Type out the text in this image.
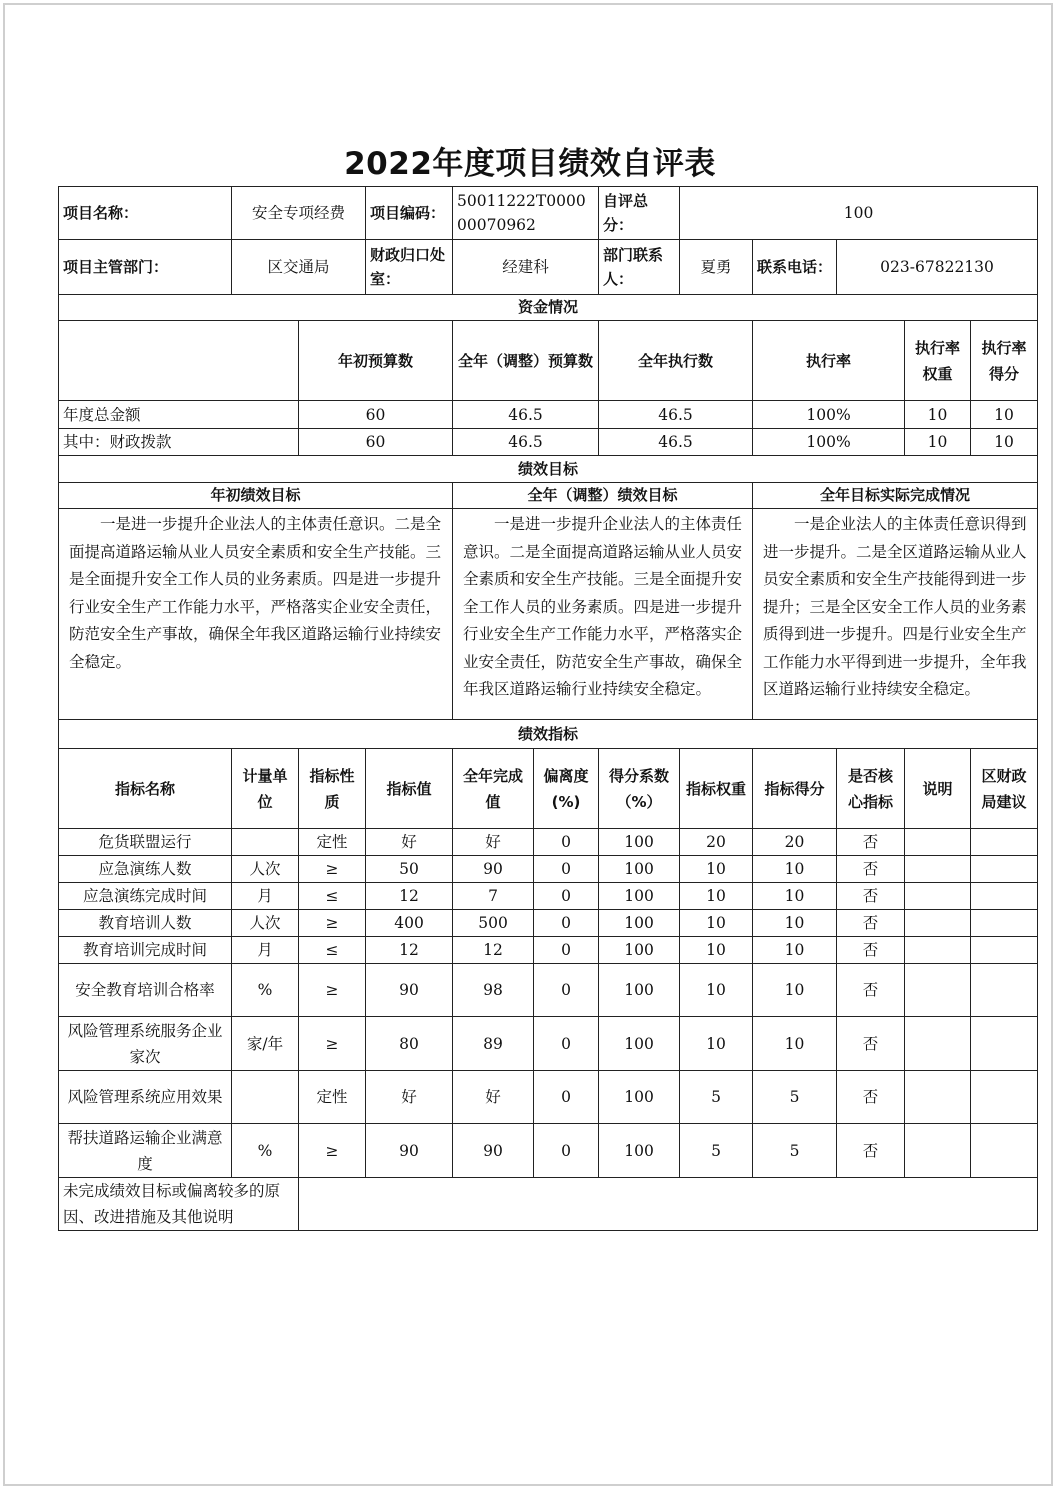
2022年度项目绩效自评表
项目名称：	安全专项经费		项目编码：	50011222T000000070962		自评总分：	100				
项目主管部门：	区交通局		财政归口处室：	经建科		部门联系人：	夏勇	联系电话：	023-67822130		
资金情况											
		年初预算数		全年（调整）预算数		全年执行数		执行率		执行率权重	执行率得分
年度总金额		60		46.5		46.5		100%		10	10
其中：财政拨款		60		46.5		46.5		100%		10	10
绩效目标											
年初绩效目标				全年（调整）绩效目标				全年目标实际完成情况			
一是进一步提升企业法人的主体责任意识。二是全面提高道路运输从业人员安全素质和安全生产技能。三是全面提升安全工作人员的业务素质。四是进一步提升行业安全生产工作能力水平，严格落实企业安全责任，防范安全生产事故，确保全年我区道路运输行业持续安全稳定。				一是进一步提升企业法人的主体责任意识。二是全面提高道路运输从业人员安全素质和安全生产技能。三是全面提升安全工作人员的业务素质。四是进一步提升行业安全生产工作能力水平，严格落实企业安全责任，防范安全生产事故，确保全年我区道路运输行业持续安全稳定。				一是企业法人的主体责任意识得到进一步提升。二是全区道路运输从业人员安全素质和安全生产技能得到进一步提升；三是全区安全工作人员的业务素质得到进一步提升。四是行业安全生产工作能力水平得到进一步提升，全年我区道路运输行业持续安全稳定。			
绩效指标											
指标名称	计量单位	指标性质	指标值	全年完成值	偏离度(%)	得分系数（%）	指标权重	指标得分	是否核心指标	说明	区财政局建议
危货联盟运行		定性	好	好	0	100	20	20	否		
应急演练人数	人次	≥	50	90	0	100	10	10	否		
应急演练完成时间	月	≤	12	7	0	100	10	10	否		
教育培训人数	人次	≥	400	500	0	100	10	10	否		
教育培训完成时间	月	≤	12	12	0	100	10	10	否		
安全教育培训合格率	%	≥	90	98	0	100	10	10	否		
风险管理系统服务企业家次	家/年	≥	80	89	0	100	10	10	否		
风险管理系统应用效果		定性	好	好	0	100	5	5	否		
帮扶道路运输企业满意度	%	≥	90	90	0	100	5	5	否		
未完成绩效目标或偏离较多的原因、改进措施及其他说明											
